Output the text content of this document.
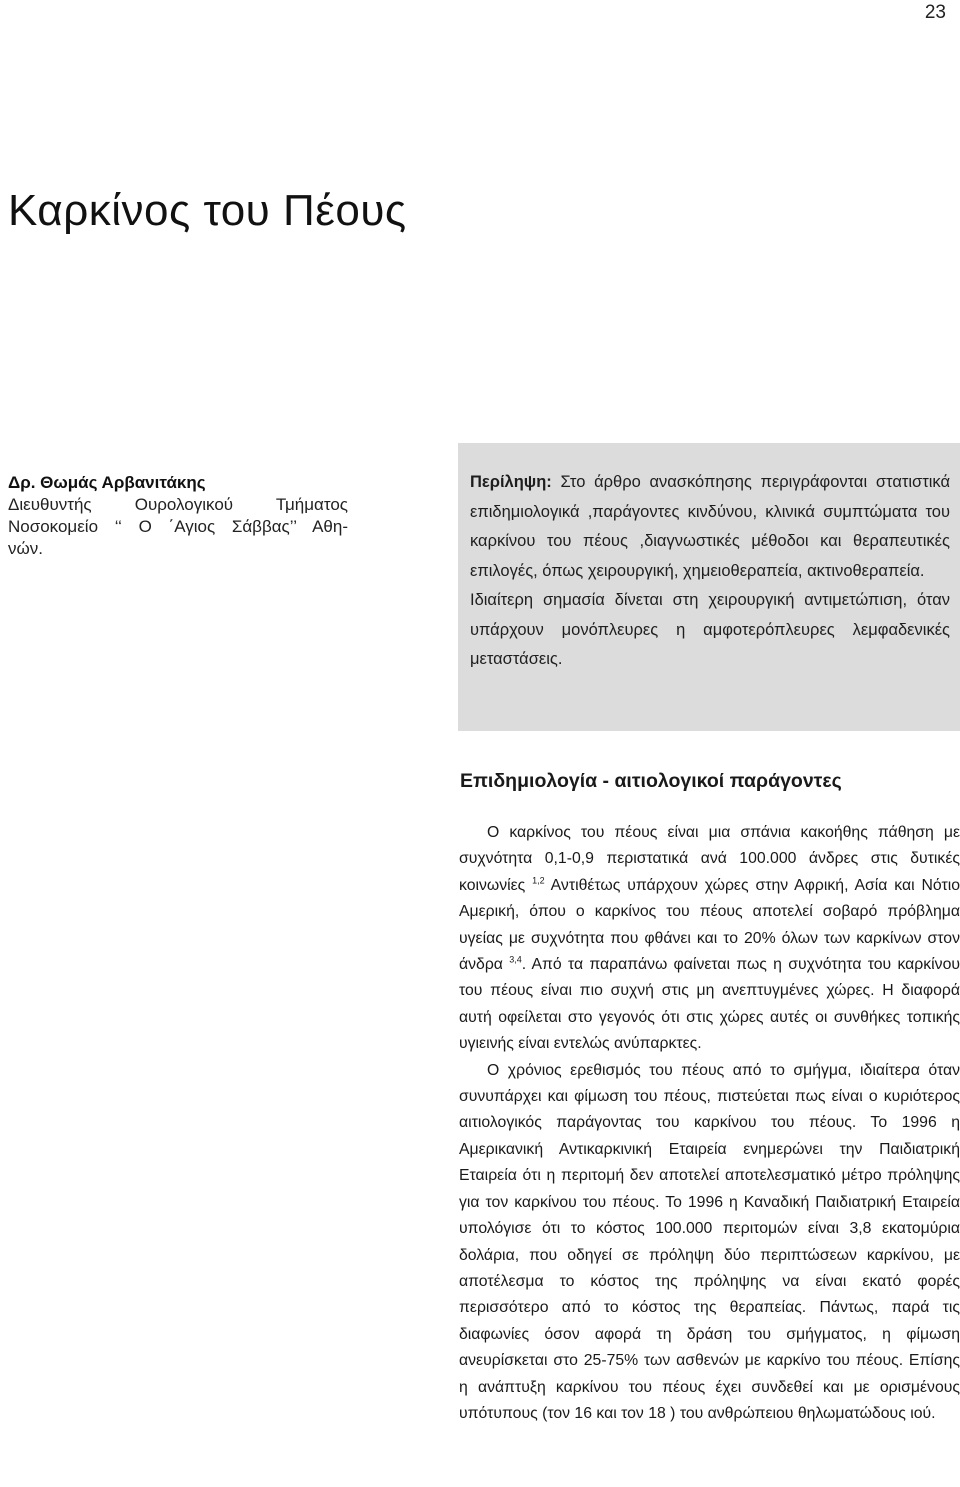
23
Καρκίνος του Πέους
Δρ. Θωμάς Αρβανιτάκης
Διευθυντής Ουρολογικού Τμήματος
Νοσοκομείο ‘‘ Ο ΄Αγιος Σάββας’’ Αθη-
νών.

Περίληψη: Στο άρθρο ανασκόπησης περιγράφονται στατιστικά επιδημιολογικά ,παράγοντες κινδύνου, κλινικά συμπτώματα του καρκίνου του πέους ,διαγνωστικές μέθοδοι και θεραπευτικές επιλογές, όπως χειρουργική, χημειοθεραπεία, ακτινοθεραπεία.

Ιδιαίτερη σημασία δίνεται στη χειρουργική αντιμετώπιση, όταν υπάρχουν μονόπλευρες η αμφοτερόπλευρες λεμφαδενικές μεταστάσεις.

Επιδημιολογία - αιτιολογικοί παράγοντες

Ο καρκίνος του πέους είναι μια σπάνια κακοήθης πάθηση με συχνότητα 0,1-0,9 περιστατικά ανά 100.000 άνδρες στις δυτικές κοινωνίες $^{1,2}$ Αντιθέτως υπάρχουν χώρες στην Αφρική, Ασία και Νότιο Αμερική, όπου ο καρκίνος του πέους αποτελεί σοβαρό πρόβλημα υγείας με συχνότητα που φθάνει και το 20% όλων των καρκίνων στον άνδρα $^{3,4}$. Από τα παραπάνω φαίνεται πως η συχνότητα του καρκίνου του πέους είναι πιο συχνή στις μη ανεπτυγμένες χώρες. Η διαφορά αυτή οφείλεται στο γεγονός ότι στις χώρες αυτές οι συνθήκες τοπικής υγιεινής είναι εντελώς ανύπαρκτες.

Ο χρόνιος ερεθισμός του πέους από το σμήγμα, ιδιαίτερα όταν συνυπάρχει και φίμωση του πέους, πιστεύεται πως είναι ο κυριότερος αιτιολογικός παράγοντας του καρκίνου του πέους. Το 1996 η Αμερικανική Αντικαρκινική Εταιρεία ενημερώνει την Παιδιατρική Εταιρεία ότι η περιτομή δεν αποτελεί αποτελεσματικό μέτρο πρόληψης για τον καρκίνου του πέους. Το 1996 η Καναδική Παιδιατρική Εταιρεία υπολόγισε ότι το κόστος 100.000 περιτομών είναι 3,8 εκατομύρια δολάρια, που οδηγεί σε πρόληψη δύο περιπτώσεων καρκίνου, με αποτέλεσμα το κόστος της πρόληψης να είναι εκατό φορές περισσότερο από το κόστος της θεραπείας. Πάντως, παρά τις διαφωνίες όσον αφορά τη δράση του σμήγματος, η φίμωση ανευρίσκεται στο 25-75% των ασθενών με καρκίνο του πέους. Επίσης η ανάπτυξη καρκίνου του πέους έχει συνδεθεί και με ορισμένους υπότυπους (τον 16 και τον 18 ) του ανθρώπειου θηλωματώδους ιού.
